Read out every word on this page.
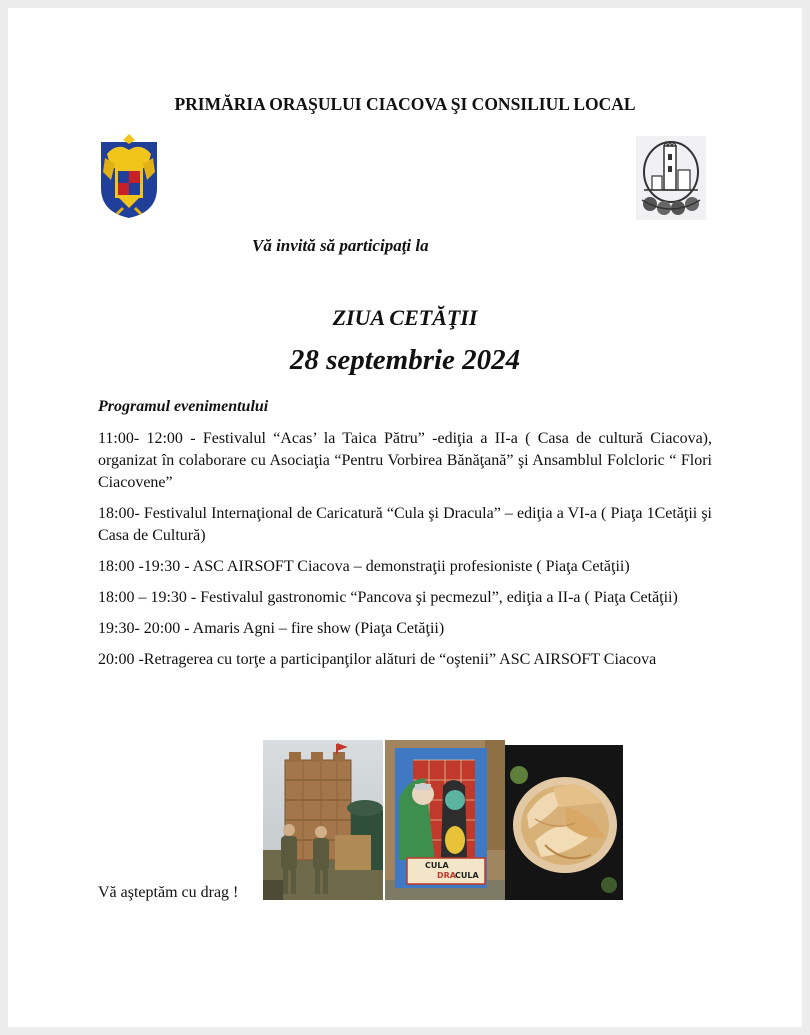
PRIMĂRIA ORAŞULUI CIACOVA ŞI CONSILIUL LOCAL
Vă invită să participaţi la
ZIUA CETĂŢII
28 septembrie 2024
Programul evenimentului

11:00- 12:00 - Festivalul “Acas’ la Taica Pătru” -ediţia a II-a ( Casa de cultură Ciacova), organizat în colaborare cu Asociaţia “Pentru Vorbirea Bănăţană” şi Ansamblul Folcloric “ Flori Ciacovene”

18:00- Festivalul Internaţional de Caricatură “Cula şi Dracula” – ediţia a VI-a ( Piaţa 1Cetăţii şi Casa de Cultură)

18:00 -19:30 - ASC AIRSOFT Ciacova – demonstraţii profesioniste ( Piaţa Cetăţii)

18:00 – 19:30 - Festivalul gastronomic “Pancova şi pecmezul”, ediţia a II-a ( Piaţa Cetăţii)

19:30- 20:00 - Amaris Agni – fire show (Piaţa Cetăţii)

20:00 -Retragerea cu torţe a participanţilor alături de “oştenii” ASC AIRSOFT Ciacova

CULA
DRA CULA
Vă aşteptăm cu drag !
